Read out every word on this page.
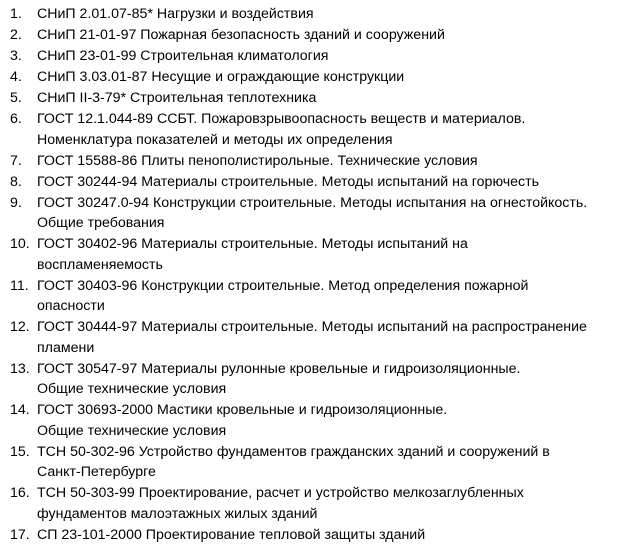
1. СНиП 2.01.07-85* Нагрузки и воздействия
2. СНиП 21-01-97 Пожарная безопасность зданий и сооружений
3. СНиП 23-01-99 Строительная климатология
4. СНиП 3.03.01-87 Несущие и ограждающие конструкции
5. СНиП II-3-79* Строительная теплотехника
6. ГОСТ 12.1.044-89 ССБТ. Пожаровзрывоопасность веществ и материалов.
Номенклатура показателей и методы их определения
7. ГОСТ 15588-86 Плиты пенополистирольные. Технические условия
8. ГОСТ 30244-94 Материалы строительные. Методы испытаний на горючесть
9. ГОСТ 30247.0-94 Конструкции строительные. Методы испытания на огнестойкость.
Общие требования
10. ГОСТ 30402-96 Материалы строительные. Методы испытаний на
воспламеняемость
11. ГОСТ 30403-96 Конструкции строительные. Метод определения пожарной
опасности
12. ГОСТ 30444-97 Материалы строительные. Методы испытаний на распространение
пламени
13. ГОСТ 30547-97 Материалы рулонные кровельные и гидроизоляционные.
Общие технические условия
14. ГОСТ 30693-2000 Мастики кровельные и гидроизоляционные.
Общие технические условия
15. ТСН 50-302-96 Устройство фундаментов гражданских зданий и сооружений в
Санкт-Петербурге
16. ТСН 50-303-99 Проектирование, расчет и устройство мелкозаглубленных
фундаментов малоэтажных жилых зданий
17. СП 23-101-2000 Проектирование тепловой защиты зданий
